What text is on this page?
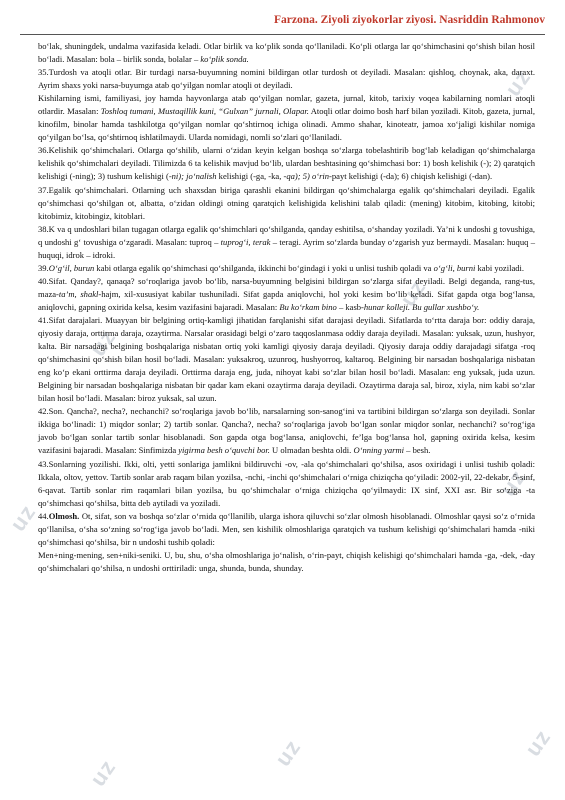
uz
uz
uz
uz
uz
uz
uz
uz
Farzona. Ziyoli ziyokorlar ziyosi. Nasriddin Rahmonov

bo‘lak, shuningdek, undalma vazifasida keladi. Otlar birlik va ko‘plik sonda qo‘llaniladi. Ko‘pli otlarga lar qo‘shimchasini qo‘shish bilan hosil bo‘ladi. Masalan: bola – birlik sonda, bolalar – ko‘plik sonda.

35.Turdosh va atoqli otlar. Bir turdagi narsa-buyumning nomini bildirgan otlar turdosh ot deyiladi. Masalan: qishloq, choynak, aka, daraxt. Ayrim shaxs yoki narsa-buyumga atab qo‘yilgan nomlar atoqli ot deyiladi.

Kishilarning ismi, familiyasi, joy hamda hayvonlarga atab qo‘yilgan nomlar, gazeta, jurnal, kitob, tarixiy voqea kabilarning nomlari atoqli otlardir. Masalan: Toshloq tumani, Mustaqillik kuni, “Gulxan” jurnali, Olapar. Atoqli otlar doimo bosh harf bilan yoziladi. Kitob, gazeta, jurnal, kinofilm, binolar hamda tashkilotga qo‘yilgan nomlar qo‘shtirnoq ichiga olinadi. Ammo shahar, kinoteatr, jamoa xo‘jaligi kishilar nomiga qo‘yilgan bo‘lsa, qo‘shtirnoq ishlatilmaydi. Ularda nomidagi, nomli so‘zlari qo‘llaniladi.

36.Kelishik qo‘shimchalari. Otlarga qo‘shilib, ularni o‘zidan keyin kelgan boshqa so‘zlarga tobelashtirib bog‘lab keladigan qo‘shimchalarga kelishik qo‘shimchalari deyiladi. Tilimizda 6 ta kelishik mavjud bo‘lib, ulardan beshtasining qo‘shimchasi bor: 1) bosh kelishik (-); 2) qaratqich kelishigi (-ning); 3) tushum kelishigi (-ni); jo‘nalish kelishigi (-ga, -ka, -qa); 5) o‘rin-payt kelishigi (-da); 6) chiqish kelishigi (-dan).

37.Egalik qo‘shimchalari. Otlarning uch shaxsdan biriga qarashli ekanini bildirgan qo‘shimchalarga egalik qo‘shimchalari deyiladi. Egalik qo‘shimchasi qo‘shilgan ot, albatta, o‘zidan oldingi otning qaratqich kelishigida kelishini talab qiladi: (mening) kitobim, kitobing, kitobi; kitobimiz, kitobingiz, kitoblari.

38.K va q undoshlari bilan tugagan otlarga egalik qo‘shimchlari qo‘shilganda, qanday eshitilsa, o‘shanday yoziladi. Ya’ni k undoshi g tovushiga, q undoshi g‘ tovushiga o‘zgaradi. Masalan: tuproq – tuprog‘i, terak – teragi. Ayrim so‘zlarda bunday o‘zgarish yuz bermaydi. Masalan: huquq – huquqi, idrok – idroki.

39.O‘g‘il, burun kabi otlarga egalik qo‘shimchasi qo‘shilganda, ikkinchi bo‘gindagi i yoki u unlisi tushib qoladi va o‘g‘li, burni kabi yoziladi.

40.Sifat. Qanday?, qanaqa? so‘roqlariga javob bo‘lib, narsa-buyumning belgisini bildirgan so‘zlarga sifat deyiladi. Belgi deganda, rang-tus, maza-ta’m, shakl-hajm, xil-xususiyat kabilar tushuniladi. Sifat gapda aniqlovchi, hol yoki kesim bo‘lib keladi. Sifat gapda otga bog‘lansa, aniqlovchi, gapning oxirida kelsa, kesim vazifasini bajaradi. Masalan: Bu ko‘rkam bino – kasb-hunar kolleji. Bu gullar xushbo‘y.

41.Sifat darajalari. Muayyan bir belgining ortiq-kamligi jihatidan farqlanishi sifat darajasi deyiladi. Sifatlarda to‘rtta daraja bor: oddiy daraja, qiyosiy daraja, orttirma daraja, ozaytirma. Narsalar orasidagi belgi o‘zaro taqqoslanmasa oddiy daraja deyiladi. Masalan: yuksak, uzun, hushyor, kalta. Bir narsadagi belgining boshqalariga nisbatan ortiq yoki kamligi qiyosiy daraja deyiladi. Qiyosiy daraja oddiy darajadagi sifatga -roq qo‘shimchasini qo‘shish bilan hosil bo‘ladi. Masalan: yuksakroq, uzunroq, hushyorroq, kaltaroq. Belgining bir narsadan boshqalariga nisbatan eng ko‘p ekani orttirma daraja deyiladi. Orttirma daraja eng, juda, nihoyat kabi so‘zlar bilan hosil bo‘ladi. Masalan: eng yuksak, juda uzun. Belgining bir narsadan boshqalariga nisbatan bir qadar kam ekani ozaytirma daraja deyiladi. Ozaytirma daraja sal, biroz, xiyla, nim kabi so‘zlar bilan hosil bo‘ladi. Masalan: biroz yuksak, sal uzun.

42.Son. Qancha?, necha?, nechanchi? so‘roqlariga javob bo‘lib, narsalarning son-sanog‘ini va tartibini bildirgan so‘zlarga son deyiladi. Sonlar ikkiga bo‘linadi: 1) miqdor sonlar; 2) tartib sonlar. Qancha?, necha? so‘roqlariga javob bo‘lgan sonlar miqdor sonlar, nechanchi? so‘rog‘iga javob bo‘lgan sonlar tartib sonlar hisoblanadi. Son gapda otga bog‘lansa, aniqlovchi, fe’lga bog‘lansa hol, gapning oxirida kelsa, kesim vazifasini bajaradi. Masalan: Sinfimizda yigirma besh o‘quvchi bor. U olmadan beshta oldi. O‘nning yarmi – besh.

43.Sonlarning yozilishi. Ikki, olti, yetti sonlariga jamlikni bildiruvchi -ov, -ala qo‘shimchalari qo‘shilsa, asos oxiridagi i unlisi tushib qoladi: Ikkala, oltov, yettov. Tartib sonlar arab raqam bilan yozilsa, -nchi, -inchi qo‘shimchalari o‘rniga chiziqcha qo‘yiladi: 2002-yil, 22-dekabr, 5-sinf, 6-qavat. Tartib sonlar rim raqamlari bilan yozilsa, bu qo‘shimchalar o‘rniga chiziqcha qo‘yilmaydi: IX sinf, XXI asr. Bir so‘ziga -ta qo‘shimchasi qo‘shilsa, bitta deb aytiladi va yoziladi.

44.Olmosh. Ot, sifat, son va boshqa so‘zlar o‘rnida qo‘llanilib, ularga ishora qiluvchi so‘zlar olmosh hisoblanadi. Olmoshlar qaysi so‘z o‘rnida qo‘llanilsa, o‘sha so‘zning so‘rog‘iga javob bo‘ladi. Men, sen kishilik olmoshlariga qaratqich va tushum kelishigi qo‘shimchalari hamda -niki qo‘shimchasi qo‘shilsa, bir n undoshi tushib qoladi:

Men+ning-mening, sen+niki-seniki. U, bu, shu, o‘sha olmoshlariga jo‘nalish, o‘rin-payt, chiqish kelishigi qo‘shimchalari hamda -ga, -dek, -day qo‘shimchalari qo‘shilsa, n undoshi orttiriladi: unga, shunda, bunda, shunday.
